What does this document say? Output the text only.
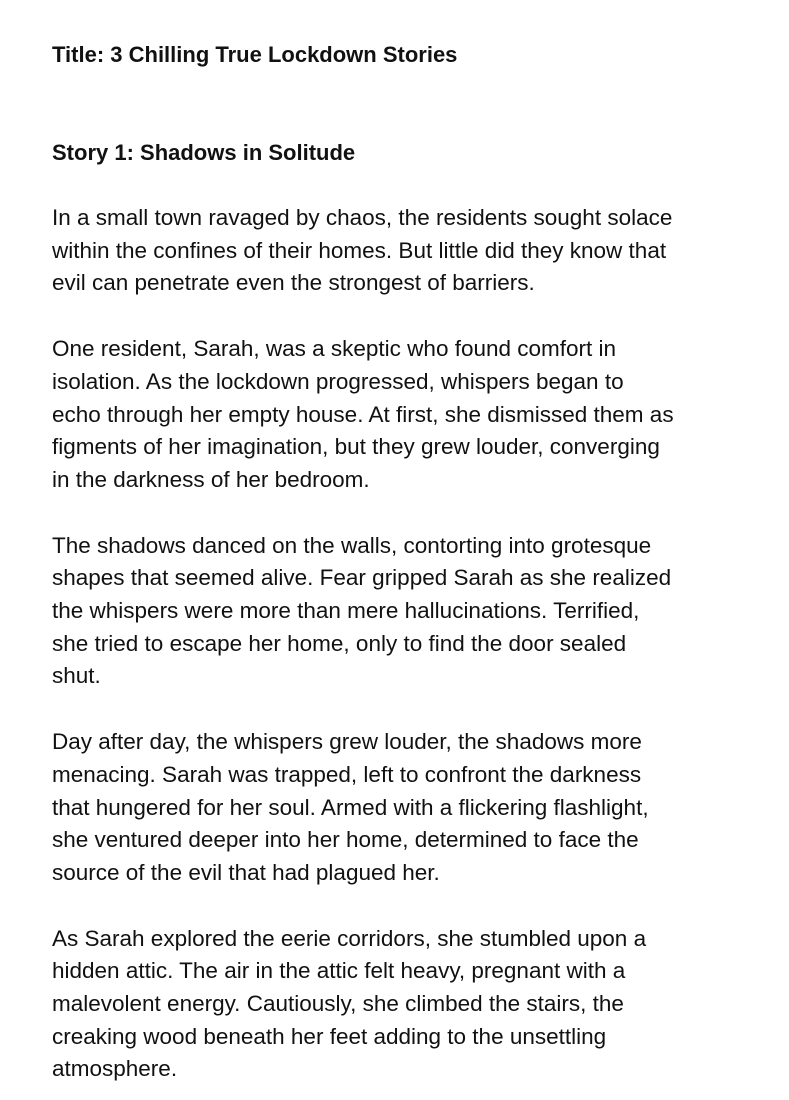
Title: 3 Chilling True Lockdown Stories
Story 1: Shadows in Solitude

In a small town ravaged by chaos, the residents sought solace
within the confines of their homes. But little did they know that
evil can penetrate even the strongest of barriers.

One resident, Sarah, was a skeptic who found comfort in
isolation. As the lockdown progressed, whispers began to
echo through her empty house. At first, she dismissed them as
figments of her imagination, but they grew louder, converging
in the darkness of her bedroom.

The shadows danced on the walls, contorting into grotesque
shapes that seemed alive. Fear gripped Sarah as she realized
the whispers were more than mere hallucinations. Terrified,
she tried to escape her home, only to find the door sealed
shut.

Day after day, the whispers grew louder, the shadows more
menacing. Sarah was trapped, left to confront the darkness
that hungered for her soul. Armed with a flickering flashlight,
she ventured deeper into her home, determined to face the
source of the evil that had plagued her.

As Sarah explored the eerie corridors, she stumbled upon a
hidden attic. The air in the attic felt heavy, pregnant with a
malevolent energy. Cautiously, she climbed the stairs, the
creaking wood beneath her feet adding to the unsettling
atmosphere.
